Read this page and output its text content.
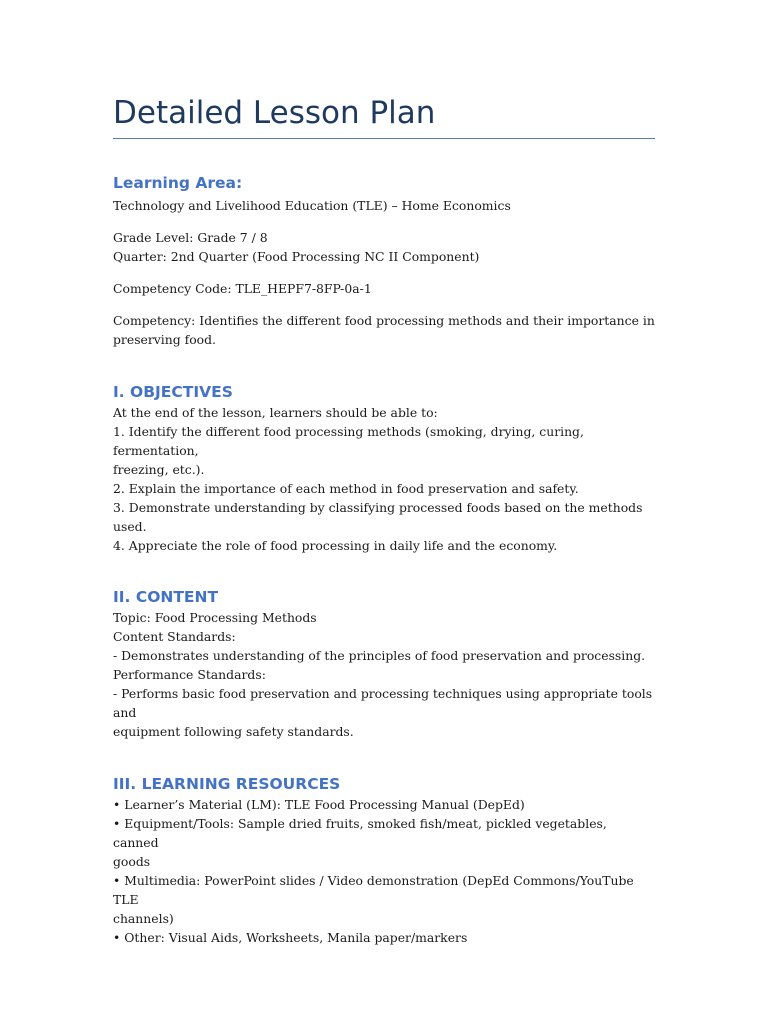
Detailed Lesson Plan
Learning Area:

Technology and Livelihood Education (TLE) – Home Economics

Grade Level: Grade 7 / 8

Quarter: 2nd Quarter (Food Processing NC II Component)

Competency Code: TLE_HEPF7-8FP-0a-1

Competency: Identifies the different food processing methods and their importance in
preserving food.

I. OBJECTIVES

At the end of the lesson, learners should be able to:

1. Identify the different food processing methods (smoking, drying, curing, fermentation,
freezing, etc.).

2. Explain the importance of each method in food preservation and safety.

3. Demonstrate understanding by classifying processed foods based on the methods used.

4. Appreciate the role of food processing in daily life and the economy.

II. CONTENT

Topic: Food Processing Methods

Content Standards:

- Demonstrates understanding of the principles of food preservation and processing.

Performance Standards:

- Performs basic food preservation and processing techniques using appropriate tools and
equipment following safety standards.

III. LEARNING RESOURCES

• Learner’s Material (LM): TLE Food Processing Manual (DepEd)

• Equipment/Tools: Sample dried fruits, smoked fish/meat, pickled vegetables, canned
goods

• Multimedia: PowerPoint slides / Video demonstration (DepEd Commons/YouTube TLE
channels)

• Other: Visual Aids, Worksheets, Manila paper/markers
